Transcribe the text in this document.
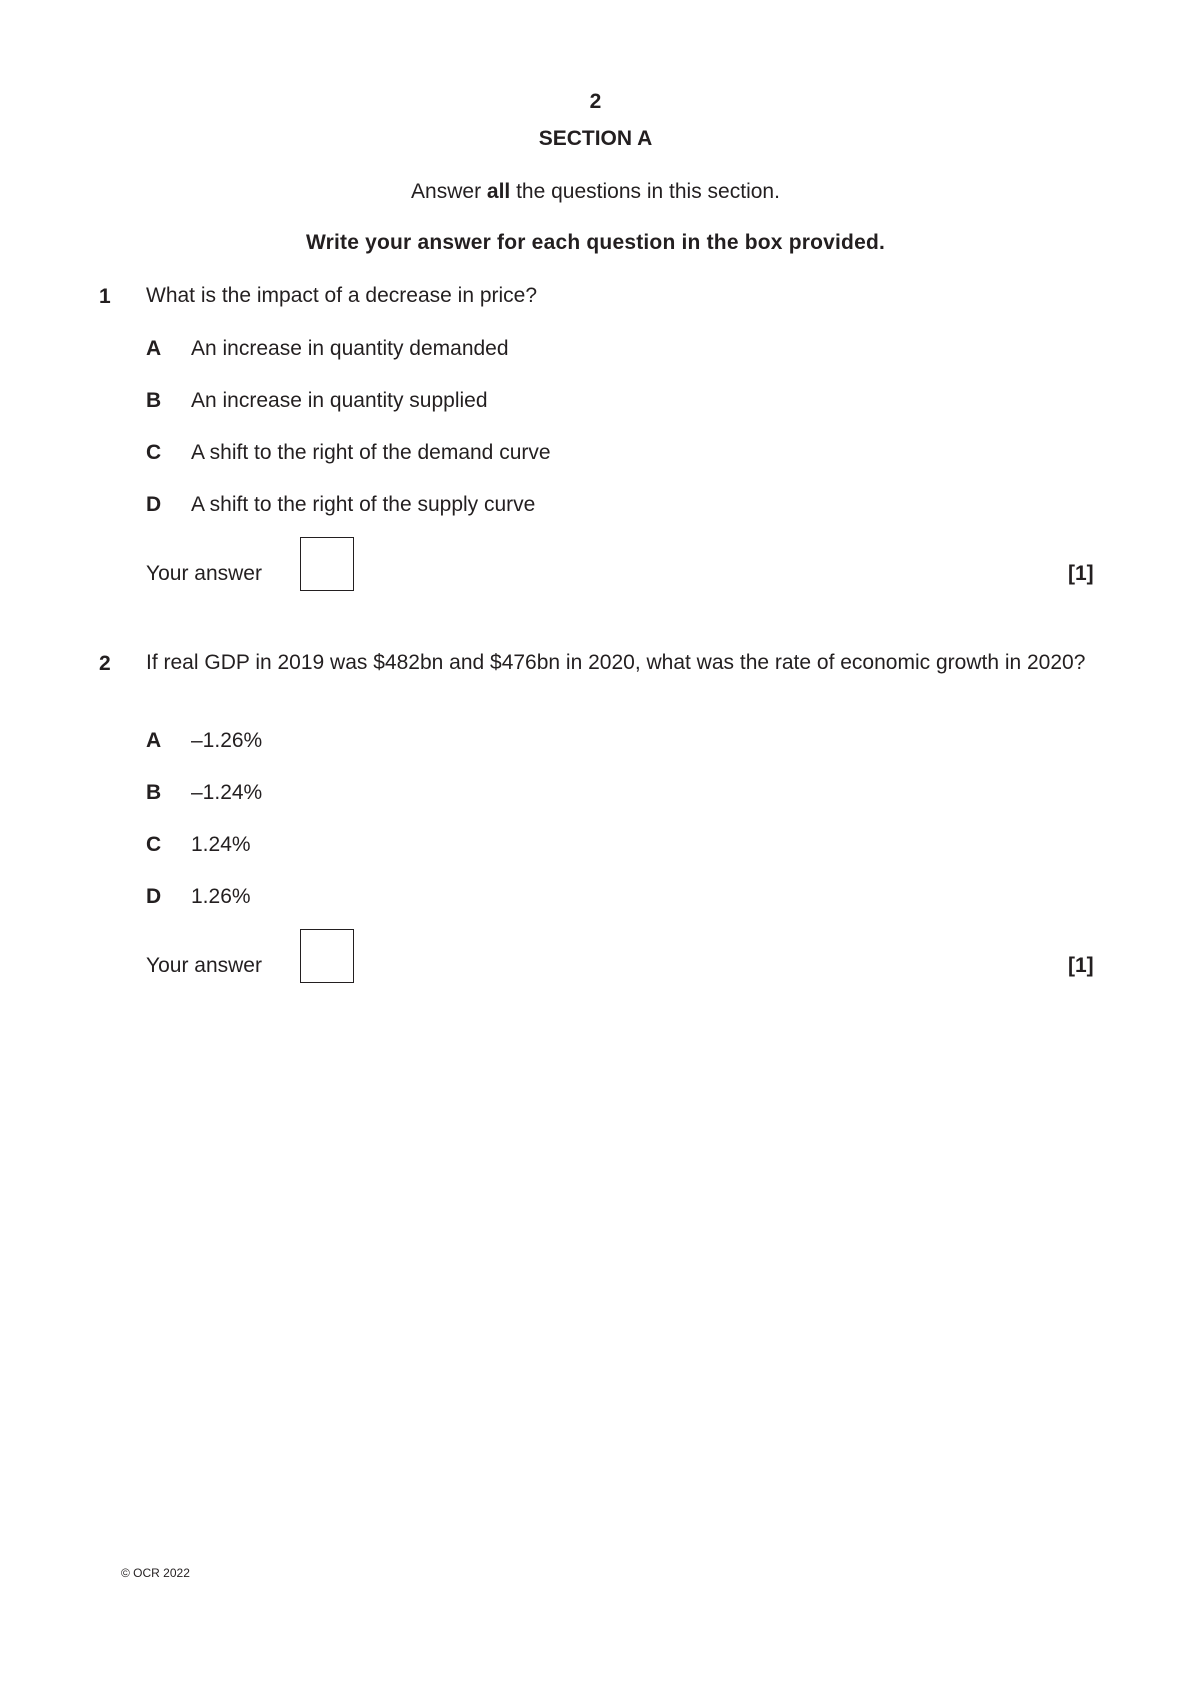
2
SECTION A
Answer all the questions in this section.
Write your answer for each question in the box provided.
1 What is the impact of a decrease in price?
A An increase in quantity demanded
B An increase in quantity supplied
C A shift to the right of the demand curve
D A shift to the right of the supply curve
Your answer	[1]
2 If real GDP in 2019 was $482bn and $476bn in 2020, what was the rate of economic growth in 2020?
A –1.26%
B –1.24%
C 1.24%
D 1.26%
Your answer	[1]
© OCR 2022
